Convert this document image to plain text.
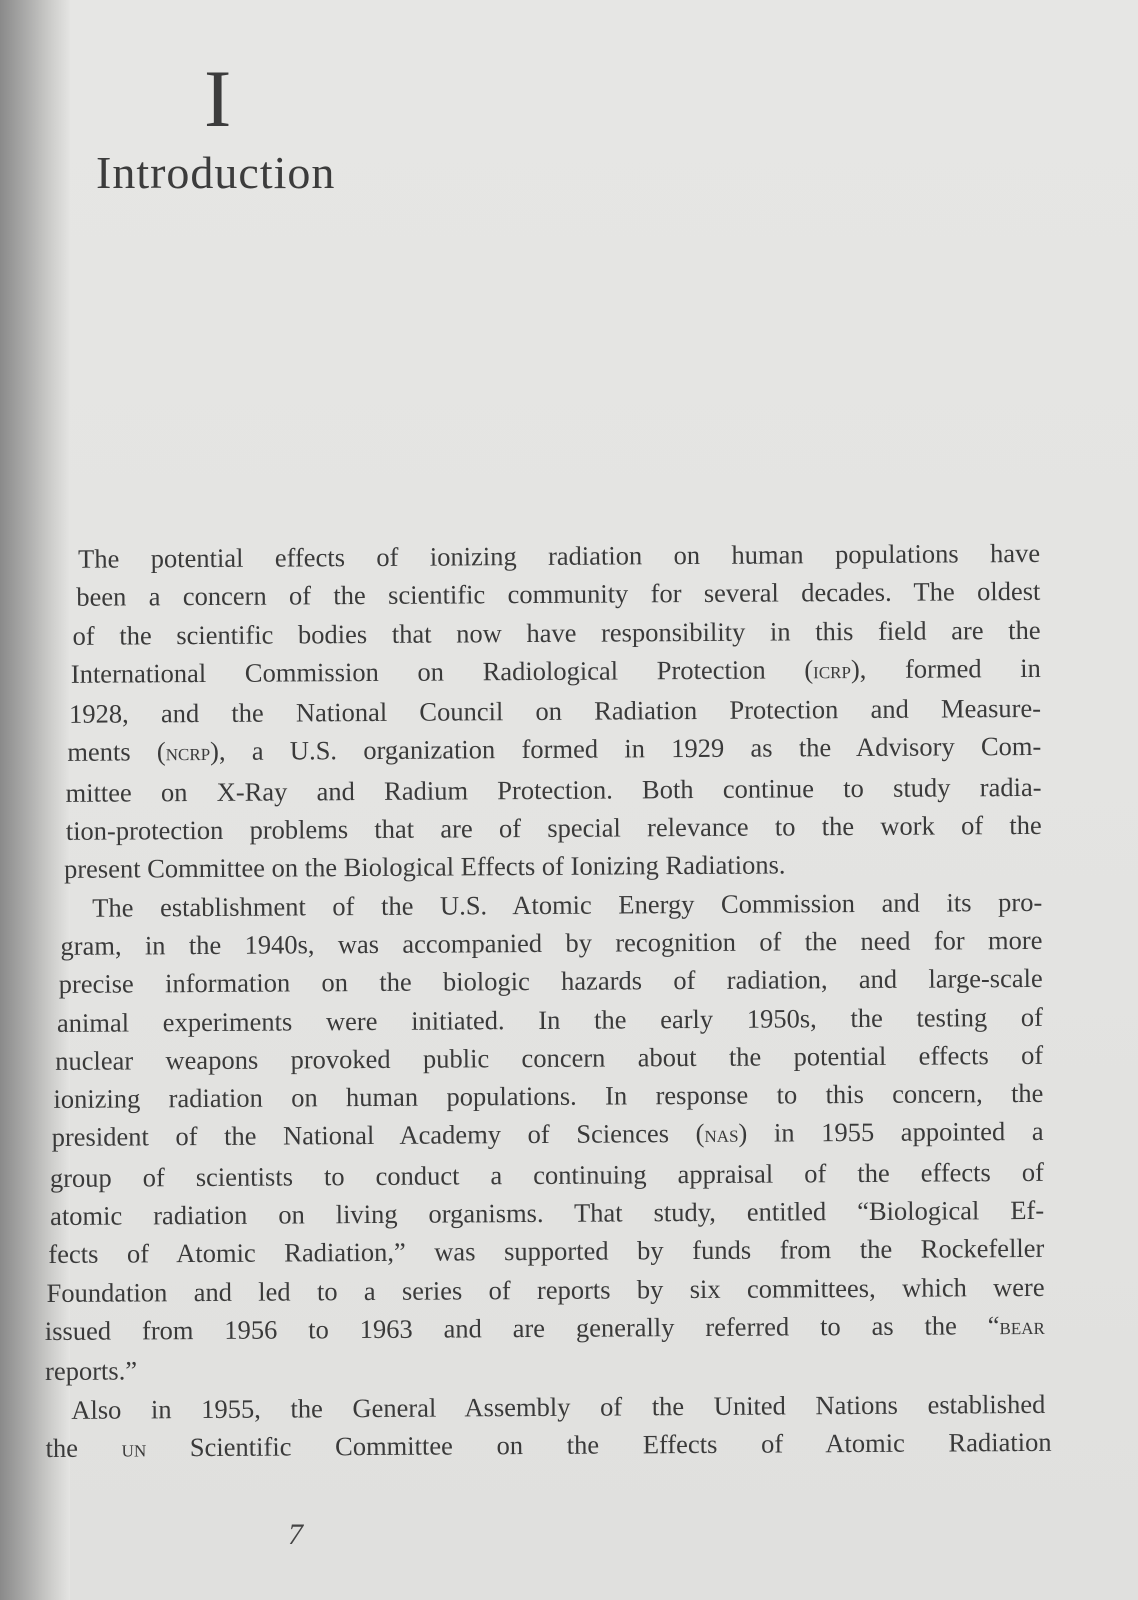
I
Introduction
The potential effects of ionizing radiation on human populations have
been a concern of the scientific community for several decades. The oldest
of the scientific bodies that now have responsibility in this field are the
International Commission on Radiological Protection (icrp), formed in
1928, and the National Council on Radiation Protection and Measure-
ments (ncrp), a U.S. organization formed in 1929 as the Advisory Com-
mittee on X-Ray and Radium Protection. Both continue to study radia-
tion-protection problems that are of special relevance to the work of the
present Committee on the Biological Effects of Ionizing Radiations.
The establishment of the U.S. Atomic Energy Commission and its pro-
gram, in the 1940s, was accompanied by recognition of the need for more
precise information on the biologic hazards of radiation, and large-scale
animal experiments were initiated. In the early 1950s, the testing of
nuclear weapons provoked public concern about the potential effects of
ionizing radiation on human populations. In response to this concern, the
president of the National Academy of Sciences (nas) in 1955 appointed a
group of scientists to conduct a continuing appraisal of the effects of
atomic radiation on living organisms. That study, entitled “Biological Ef-
fects of Atomic Radiation,” was supported by funds from the Rockefeller
Foundation and led to a series of reports by six committees, which were
issued from 1956 to 1963 and are generally referred to as the “bear
reports.”
Also in 1955, the General Assembly of the United Nations established
the un Scientific Committee on the Effects of Atomic Radiation
7
